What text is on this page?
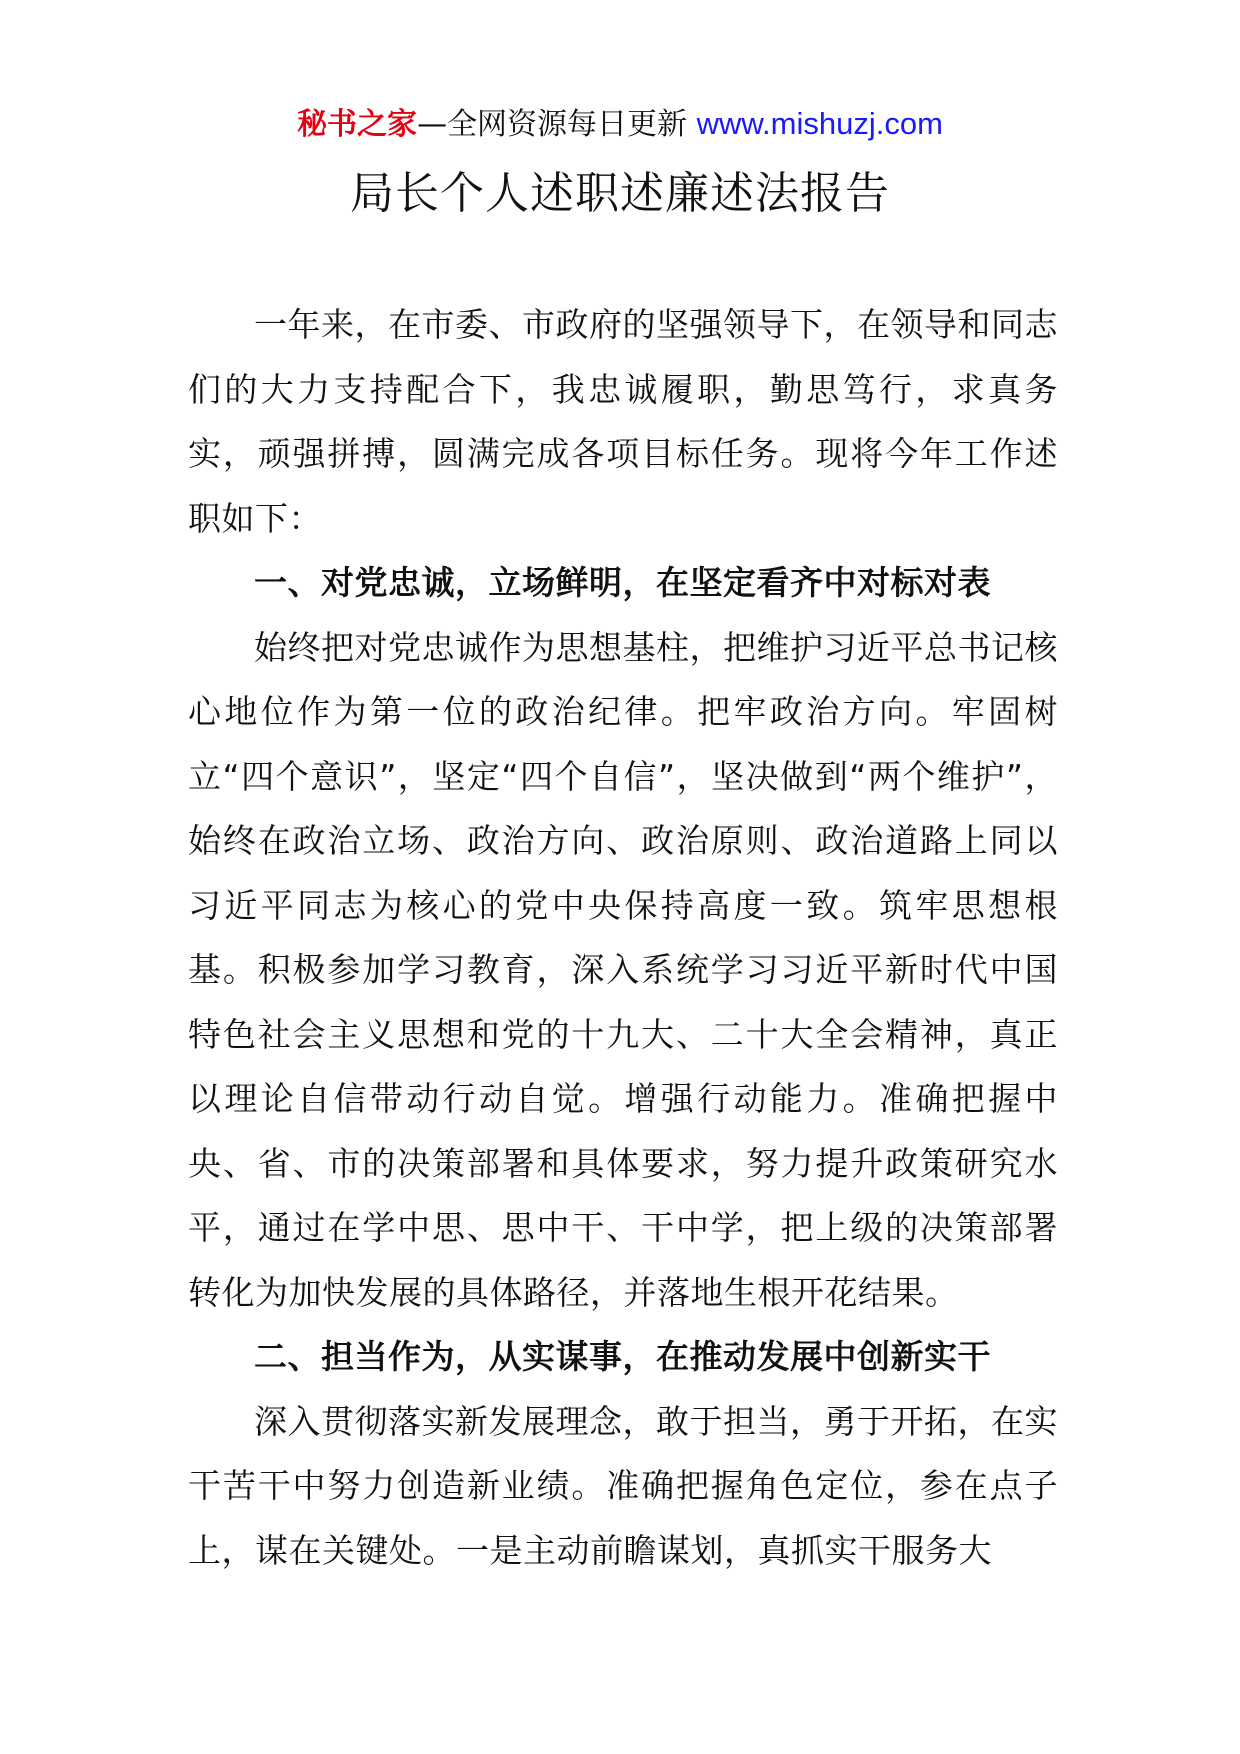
秘书之家—全网资源每日更新 www.mishuzj.com
局长个人述职述廉述法报告

一年来，在市委、市政府的坚强领导下，在领导和同志们的大力支持配合下，我忠诚履职，勤思笃行，求真务实，顽强拼搏，圆满完成各项目标任务。现将今年工作述职如下：

一、对党忠诚，立场鲜明，在坚定看齐中对标对表

始终把对党忠诚作为思想基柱，把维护习近平总书记核心地位作为第一位的政治纪律。把牢政治方向。牢固树立“四个意识”，坚定“四个自信”，坚决做到“两个维护”，始终在政治立场、政治方向、政治原则、政治道路上同以习近平同志为核心的党中央保持高度一致。筑牢思想根基。积极参加学习教育，深入系统学习习近平新时代中国特色社会主义思想和党的十九大、二十大全会精神，真正以理论自信带动行动自觉。增强行动能力。准确把握中央、省、市的决策部署和具体要求，努力提升政策研究水平，通过在学中思、思中干、干中学，把上级的决策部署转化为加快发展的具体路径，并落地生根开花结果。

二、担当作为，从实谋事，在推动发展中创新实干

深入贯彻落实新发展理念，敢于担当，勇于开拓，在实干苦干中努力创造新业绩。准确把握角色定位，参在点子上，谋在关键处。一是主动前瞻谋划，真抓实干服务大
